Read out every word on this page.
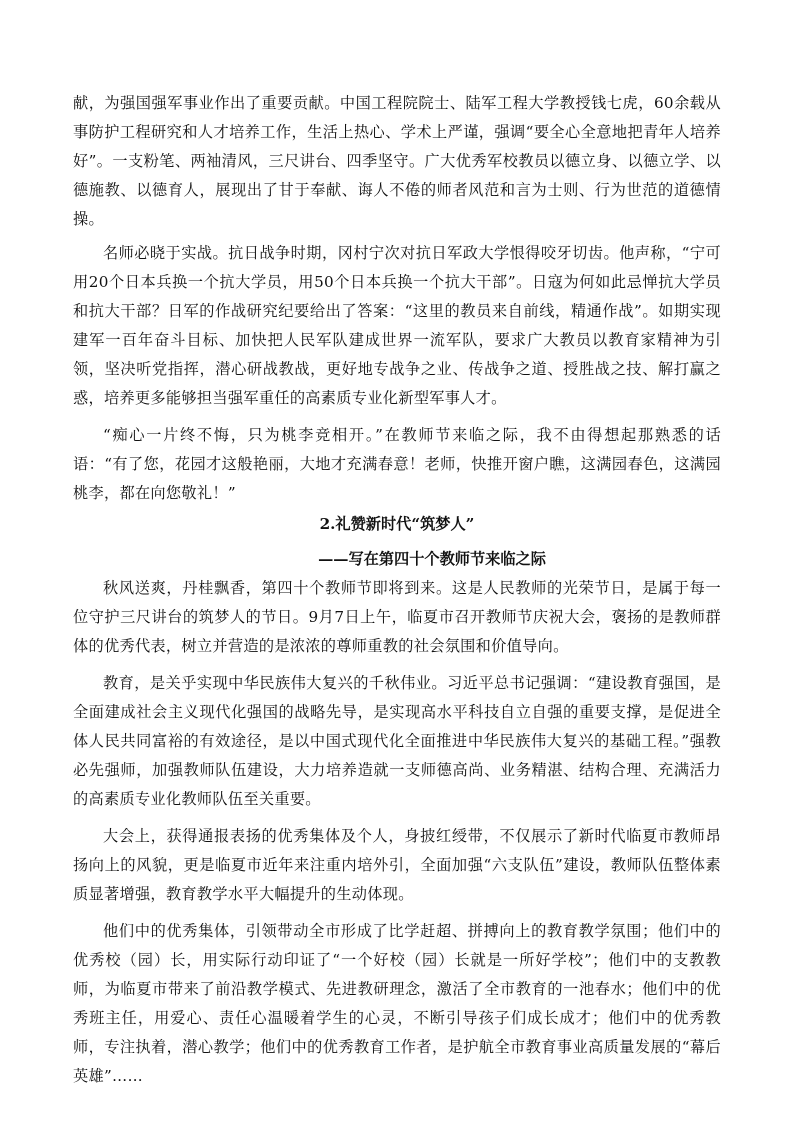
献，为强国强军事业作出了重要贡献。中国工程院院士、陆军工程大学教授钱七虎，60余载从事防护工程研究和人才培养工作，生活上热心、学术上严谨，强调“要全心全意地把青年人培养好”。一支粉笔、两袖清风，三尺讲台、四季坚守。广大优秀军校教员以德立身、以德立学、以德施教、以德育人，展现出了甘于奉献、诲人不倦的师者风范和言为士则、行为世范的道德情操。

名师必晓于实战。抗日战争时期，冈村宁次对抗日军政大学恨得咬牙切齿。他声称，“宁可用20个日本兵换一个抗大学员，用50个日本兵换一个抗大干部”。日寇为何如此忌惮抗大学员和抗大干部？日军的作战研究纪要给出了答案：“这里的教员来自前线，精通作战”。如期实现建军一百年奋斗目标、加快把人民军队建成世界一流军队，要求广大教员以教育家精神为引领，坚决听党指挥，潜心研战教战，更好地专战争之业、传战争之道、授胜战之技、解打赢之惑，培养更多能够担当强军重任的高素质专业化新型军事人才。

“痴心一片终不悔，只为桃李竞相开。”在教师节来临之际，我不由得想起那熟悉的话语：“有了您，花园才这般艳丽，大地才充满春意！老师，快推开窗户瞧，这满园春色，这满园桃李，都在向您敬礼！”

2.礼赞新时代“筑梦人”
——写在第四十个教师节来临之际

秋风送爽，丹桂飘香，第四十个教师节即将到来。这是人民教师的光荣节日，是属于每一位守护三尺讲台的筑梦人的节日。9月7日上午，临夏市召开教师节庆祝大会，褒扬的是教师群体的优秀代表，树立并营造的是浓浓的尊师重教的社会氛围和价值导向。

教育，是关乎实现中华民族伟大复兴的千秋伟业。习近平总书记强调：“建设教育强国，是全面建成社会主义现代化强国的战略先导，是实现高水平科技自立自强的重要支撑，是促进全体人民共同富裕的有效途径，是以中国式现代化全面推进中华民族伟大复兴的基础工程。”强教必先强师，加强教师队伍建设，大力培养造就一支师德高尚、业务精湛、结构合理、充满活力的高素质专业化教师队伍至关重要。

大会上，获得通报表扬的优秀集体及个人，身披红绶带，不仅展示了新时代临夏市教师昂扬向上的风貌，更是临夏市近年来注重内培外引，全面加强“六支队伍”建设，教师队伍整体素质显著增强，教育教学水平大幅提升的生动体现。

他们中的优秀集体，引领带动全市形成了比学赶超、拼搏向上的教育教学氛围；他们中的优秀校（园）长，用实际行动印证了“一个好校（园）长就是一所好学校”；他们中的支教教师，为临夏市带来了前沿教学模式、先进教研理念，激活了全市教育的一池春水；他们中的优秀班主任，用爱心、责任心温暖着学生的心灵，不断引导孩子们成长成才；他们中的优秀教师，专注执着，潜心教学；他们中的优秀教育工作者，是护航全市教育事业高质量发展的“幕后英雄”……
